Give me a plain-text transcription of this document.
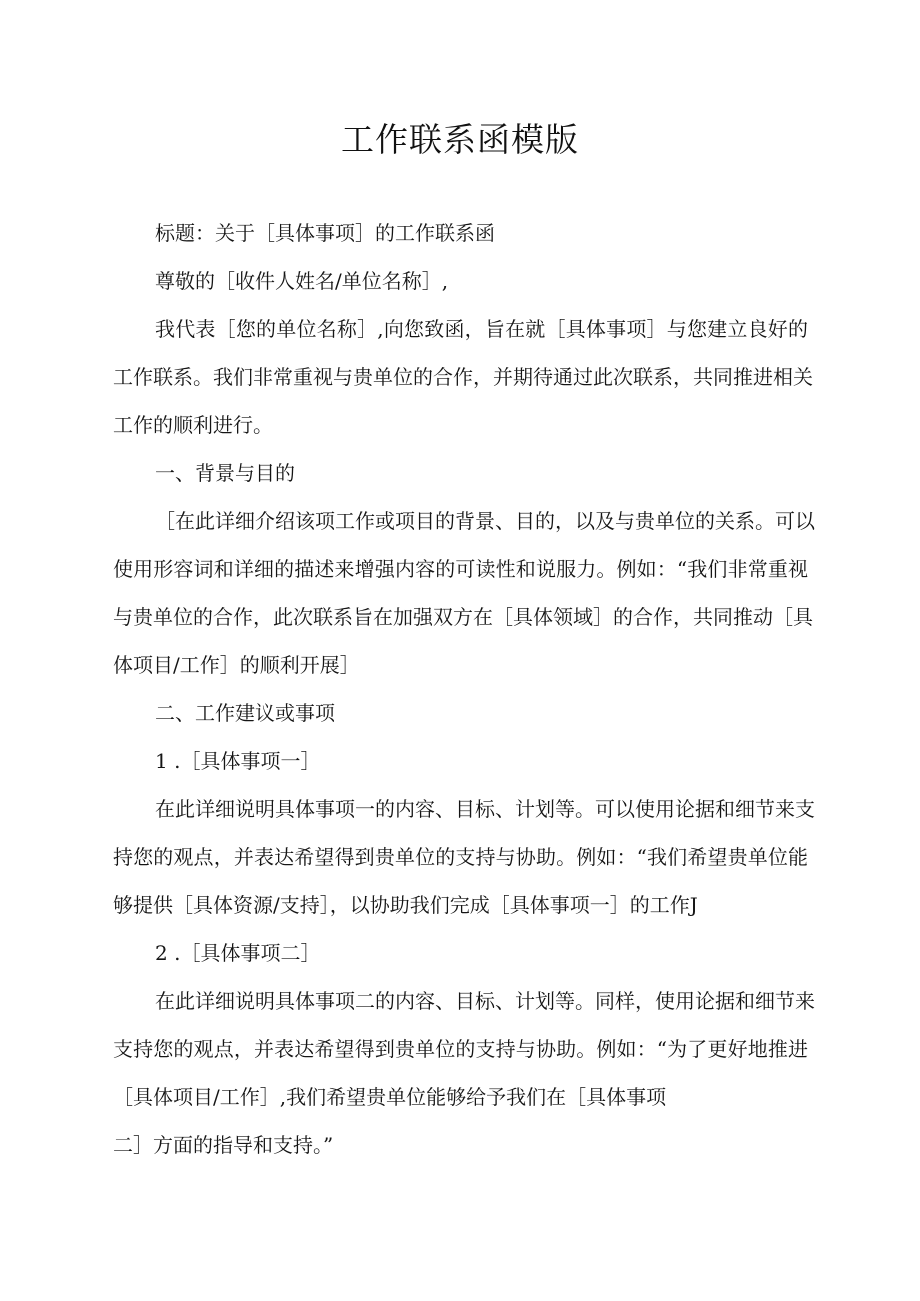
工作联系函模版

标题：关于［具体事项］的工作联系函

尊敬的［收件人姓名/单位名称］,

我代表［您的单位名称］,向您致函，旨在就［具体事项］与您建立良好的

工作联系。我们非常重视与贵单位的合作，并期待通过此次联系，共同推进相关

工作的顺利进行。

一、背景与目的

［在此详细介绍该项工作或项目的背景、目的，以及与贵单位的关系。可以

使用形容词和详细的描述来增强内容的可读性和说服力。例如：“我们非常重视

与贵单位的合作，此次联系旨在加强双方在［具体领域］的合作，共同推动［具

体项目/工作］的顺利开展］

二、工作建议或事项

1 .［具体事项一］

在此详细说明具体事项一的内容、目标、计划等。可以使用论据和细节来支

持您的观点，并表达希望得到贵单位的支持与协助。例如：“我们希望贵单位能

够提供［具体资源/支持］，以协助我们完成［具体事项一］的工作J

2 .［具体事项二］

在此详细说明具体事项二的内容、目标、计划等。同样，使用论据和细节来

支持您的观点，并表达希望得到贵单位的支持与协助。例如：“为了更好地推进

［具体项目/工作］,我们希望贵单位能够给予我们在［具体事项

二］方面的指导和支持。”
